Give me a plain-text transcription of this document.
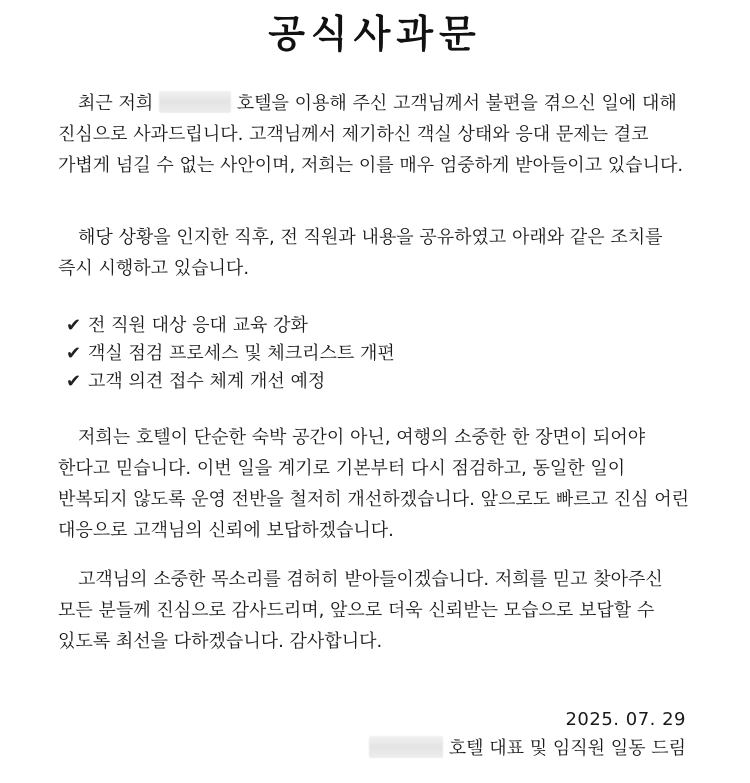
공식사과문

최근 저희	호텔을 이용해 주신 고객님께서 불편을 겪으신 일에 대해 진심으로 사과드립니다. 고객님께서 제기하신 객실 상태와 응대 문제는 결코 가볍게 넘길 수 없는 사안이며, 저희는 이를 매우 엄중하게 받아들이고 있습니다.

해당 상황을 인지한 직후, 전 직원과 내용을 공유하였고 아래와 같은 조치를 즉시 시행하고 있습니다.

✔ 전 직원 대상 응대 교육 강화
✔ 객실 점검 프로세스 및 체크리스트 개편
✔ 고객 의견 접수 체계 개선 예정

저희는 호텔이 단순한 숙박 공간이 아닌, 여행의 소중한 한 장면이 되어야 한다고 믿습니다. 이번 일을 계기로 기본부터 다시 점검하고, 동일한 일이 반복되지 않도록 운영 전반을 철저히 개선하겠습니다. 앞으로도 빠르고 진심 어린 대응으로 고객님의 신뢰에 보답하겠습니다.

고객님의 소중한 목소리를 겸허히 받아들이겠습니다. 저희를 믿고 찾아주신 모든 분들께 진심으로 감사드리며, 앞으로 더욱 신뢰받는 모습으로 보답할 수 있도록 최선을 다하겠습니다. 감사합니다.

2025. 07. 29
호텔 대표 및 임직원 일동 드림
